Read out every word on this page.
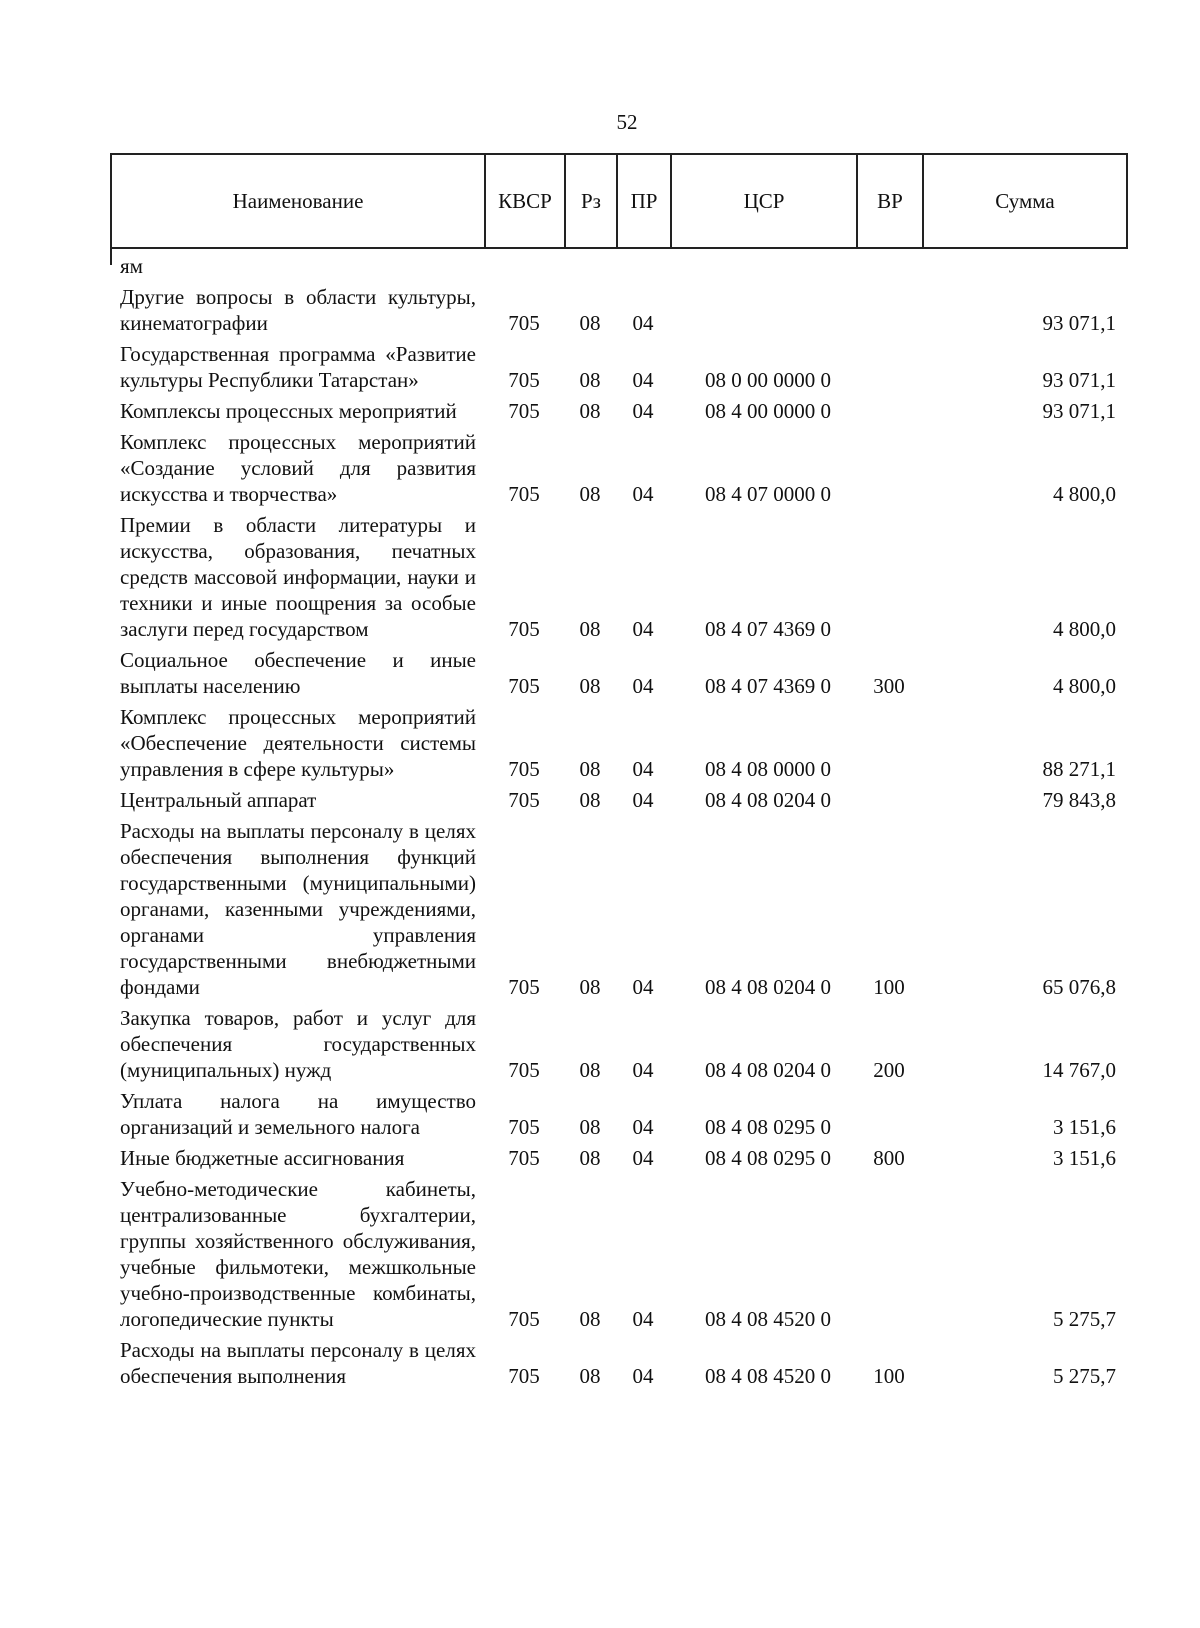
52
Наименование	КВСР	Рз	ПР	ЦСР	ВР	Сумма
ям						
Другие вопросы в области культуры, кинематографии	705	08	04			93 071,1
Государственная программа «Развитие культуры Республики Татарстан»	705	08	04	08 0 00 0000 0		93 071,1
Комплексы процессных мероприятий	705	08	04	08 4 00 0000 0		93 071,1
Комплекс процессных мероприятий «Создание условий для развития искусства и творчества»	705	08	04	08 4 07 0000 0		4 800,0
Премии в области литературы и искусства, образования, печатных средств массовой информации, науки и техники и иные поощрения за особые заслуги перед государством	705	08	04	08 4 07 4369 0		4 800,0
Социальное обеспечение и иные выплаты населению	705	08	04	08 4 07 4369 0	300	4 800,0
Комплекс процессных мероприятий «Обеспечение деятельности системы управления в сфере культуры»	705	08	04	08 4 08 0000 0		88 271,1
Центральный аппарат	705	08	04	08 4 08 0204 0		79 843,8
Расходы на выплаты персоналу в целях обеспечения выполнения функций государственными (муниципальными) органами, казенными учреждениями, органами управления государственными внебюджетными фондами	705	08	04	08 4 08 0204 0	100	65 076,8
Закупка товаров, работ и услуг для обеспечения государственных (муниципальных) нужд	705	08	04	08 4 08 0204 0	200	14 767,0
Уплата налога на имущество организаций и земельного налога	705	08	04	08 4 08 0295 0		3 151,6
Иные бюджетные ассигнования	705	08	04	08 4 08 0295 0	800	3 151,6
Учебно-методические кабинеты, централизованные бухгалтерии, группы хозяйственного обслуживания, учебные фильмотеки, межшкольные учебно-производственные комбинаты, логопедические пункты	705	08	04	08 4 08 4520 0		5 275,7
Расходы на выплаты персоналу в целях обеспечения выполнения	705	08	04	08 4 08 4520 0	100	5 275,7
